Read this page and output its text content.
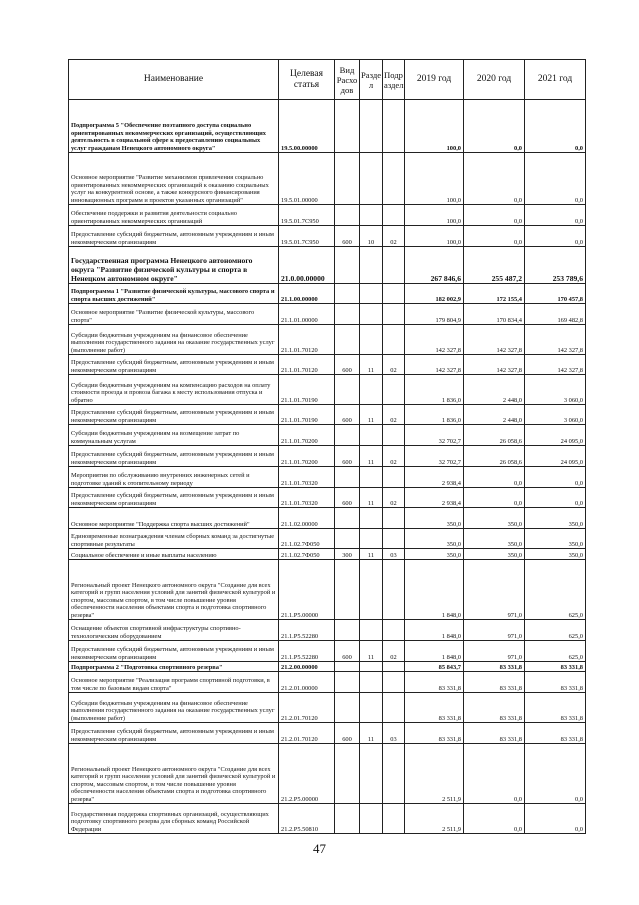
Наименование	Целевая статья	Вид Расхо дов	Разде л	Подр аздел	2019 год	2020 год	2021 год
Подпрограмма 5 "Обеспечение поэтапного доступа социально ориентированных некоммерческих организаций, осуществляющих деятельность в социальной сфере к предоставлению социальных услуг гражданам Ненецкого автономного округа"	19.5.00.00000				100,0	0,0	0,0
Основное мероприятие "Развитие механизмов привлечения социально ориентированных некоммерческих организаций к оказанию социальных услуг на конкурентной основе, а также конкурсного финансирования инновационных программ и проектов указанных организаций"	19.5.01.00000				100,0	0,0	0,0
Обеспечение поддержки и развития деятельности социально ориентированных некоммерческих организаций	19.5.01.7С950				100,0	0,0	0,0
Предоставление субсидий бюджетным, автономным учреждениям и иным некоммерческим организациям	19.5.01.7С950	600	10	02	100,0	0,0	0,0
Государственная программа Ненецкого автономного округа "Развитие физической культуры и спорта в Ненецком автономном округе"	21.0.00.00000				267 846,6	255 487,2	253 789,6
Подпрограмма 1 "Развитие физической культуры, массового спорта и спорта высших достижений"	21.1.00.00000				182 002,9	172 155,4	170 457,8
Основное мероприятие "Развитие физической культуры, массового спорта"	21.1.01.00000				179 804,9	170 834,4	169 482,8
Субсидии бюджетным учреждениям на финансовое обеспечение выполнения государственного задания на оказание государственных услуг (выполнение работ)	21.1.01.70120				142 327,8	142 327,8	142 327,8
Предоставление субсидий бюджетным, автономным учреждениям и иным некоммерческим организациям	21.1.01.70120	600	11	02	142 327,8	142 327,8	142 327,8
Субсидии бюджетным учреждениям на компенсацию расходов на оплату стоимости проезда и провоза багажа к месту использования отпуска и обратно	21.1.01.70190				1 836,0	2 448,0	3 060,0
Предоставление субсидий бюджетным, автономным учреждениям и иным некоммерческим организациям	21.1.01.70190	600	11	02	1 836,0	2 448,0	3 060,0
Субсидии бюджетным учреждениям на возмещение затрат по коммунальным услугам	21.1.01.70200				32 702,7	26 058,6	24 095,0
Предоставление субсидий бюджетным, автономным учреждениям и иным некоммерческим организациям	21.1.01.70200	600	11	02	32 702,7	26 058,6	24 095,0
Мероприятия по обслуживанию внутренних инженерных сетей и подготовке зданий к отопительному периоду	21.1.01.70320				2 938,4	0,0	0,0
Предоставление субсидий бюджетным, автономным учреждениям и иным некоммерческим организациям	21.1.01.70320	600	11	02	2 938,4	0,0	0,0
Основное мероприятие "Поддержка спорта высших достижений"	21.1.02.00000				350,0	350,0	350,0
Единовременные вознаграждения членам сборных команд за достигнутые спортивные результаты	21.1.02.7Ф050				350,0	350,0	350,0
Социальное обеспечение и иные выплаты населению	21.1.02.7Ф050	300	11	03	350,0	350,0	350,0
Региональный проект Ненецкого автономного округа "Создание для всех категорий и групп населения условий для занятий физической культурой и спортом, массовым спортом, в том числе повышение уровня обеспеченности населения объектами спорта и подготовка спортивного резерва"	21.1.Р5.00000				1 848,0	971,0	625,0
Оснащение объектов спортивной инфраструктуры спортивно-технологическим оборудованием	21.1.Р5.52280				1 848,0	971,0	625,0
Предоставление субсидий бюджетным, автономным учреждениям и иным некоммерческим организациям	21.1.Р5.52280	600	11	02	1 848,0	971,0	625,0
Подпрограмма 2 "Подготовка спортивного резерва"	21.2.00.00000				85 843,7	83 331,8	83 331,8
Основное мероприятие "Реализация программ спортивной подготовки, в том числе по базовым видам спорта"	21.2.01.00000				83 331,8	83 331,8	83 331,8
Субсидии бюджетным учреждениям на финансовое обеспечение выполнения государственного задания на оказание государственных услуг (выполнение работ)	21.2.01.70120				83 331,8	83 331,8	83 331,8
Предоставление субсидий бюджетным, автономным учреждениям и иным некоммерческим организациям	21.2.01.70120	600	11	03	83 331,8	83 331,8	83 331,8
Региональный проект Ненецкого автономного округа "Создание для всех категорий и групп населения условий для занятий физической культурой и спортом, массовым спортом, в том числе повышение уровня обеспеченности населения объектами спорта и подготовка спортивного резерва"	21.2.Р5.00000				2 511,9	0,0	0,0
Государственная поддержка спортивных организаций, осуществляющих подготовку спортивного резерва для сборных команд Российской Федерации	21.2.Р5.50810				2 511,9	0,0	0,0
47
